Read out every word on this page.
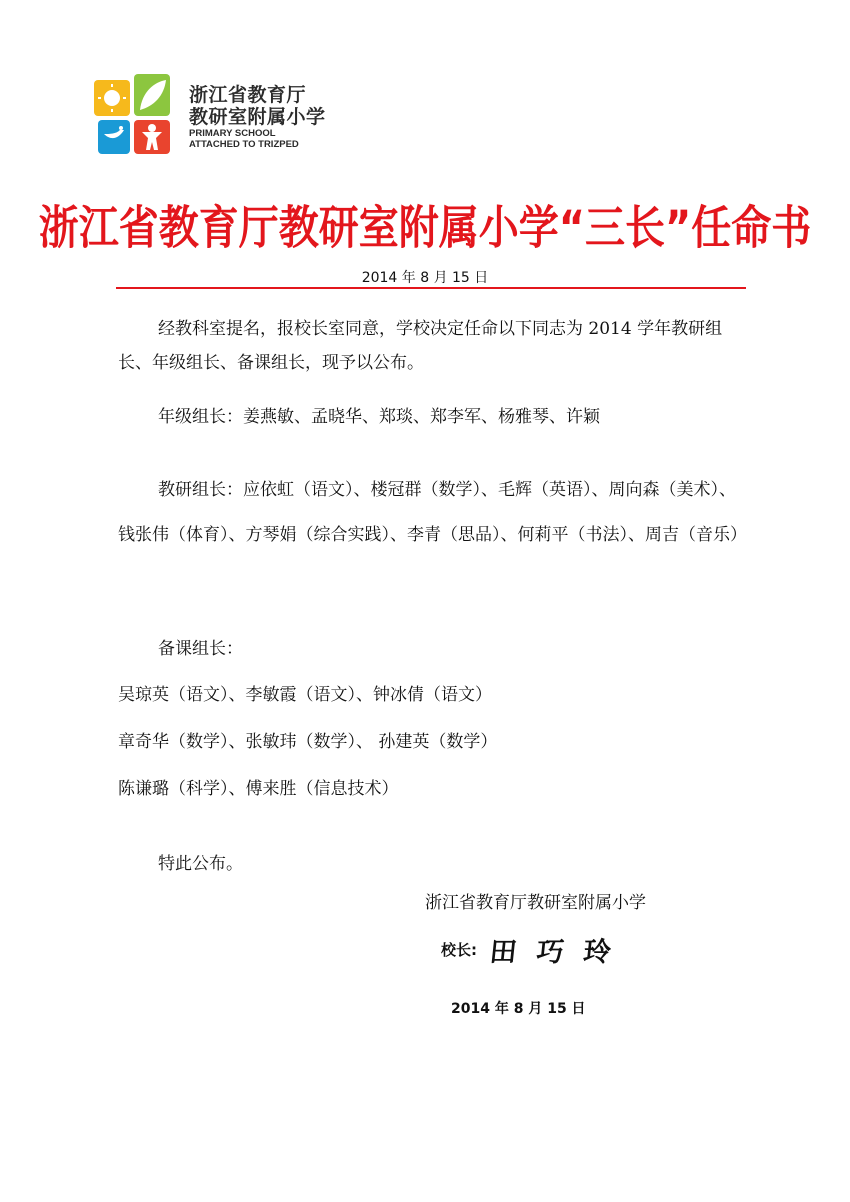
浙江省教育厅
教研室附属小学
PRIMARY SCHOOL
ATTACHED TO TRIZPED
浙江省教育厅教研室附属小学“三长”任命书
2014 年 8 月 15 日

经教科室提名，报校长室同意，学校决定任命以下同志为 2014 学年教研组长、年级组长、备课组长，现予以公布。

年级组长：姜燕敏、孟晓华、郑琰、郑李军、杨雅琴、许颖

教研组长：应依虹（语文）、楼冠群（数学）、毛辉（英语）、周向森（美术）、钱张伟（体育）、方琴娟（综合实践）、李青（思品）、何莉平（书法）、周吉（音乐）

备课组长：

吴琼英（语文）、李敏霞（语文）、钟冰倩（语文）

章奇华（数学）、张敏玮（数学）、 孙建英（数学）

陈谦璐（科学）、傅来胜（信息技术）

特此公布。

浙江省教育厅教研室附属小学
校长: 田巧玲
2014 年 8 月 15 日
